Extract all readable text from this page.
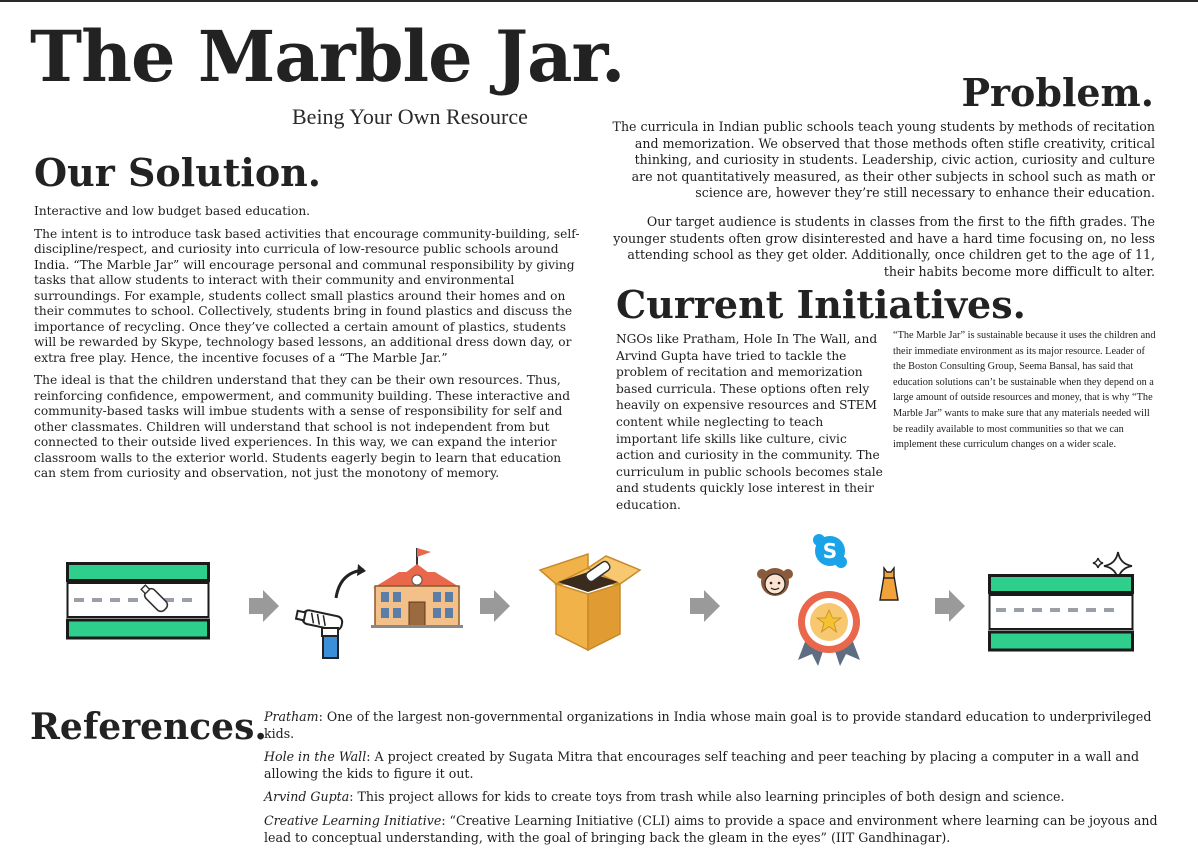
The Marble Jar.
Being Your Own Resource
Our Solution.

Interactive and low budget based education.

The intent is to introduce task based activities that encourage community-building, self- discipline/respect, and curiosity into curricula of low-resource public schools around India. “The Marble Jar” will encourage personal and communal responsibility by giving tasks that allow students to interact with their community and environmental surroundings. For example, students collect small plastics around their homes and on their commutes to school. Collectively, students bring in found plastics and discuss the importance of recycling. Once they’ve collected a certain amount of plastics, students will be rewarded by Skype, technology based lessons, an additional dress down day, or extra free play. Hence, the incentive focuses of a “The Marble Jar.”

The ideal is that the children understand that they can be their own resources. Thus, reinforcing confidence, empowerment, and community building. These interactive and community-based tasks will imbue students with a sense of responsibility for self and other classmates. Children will understand that school is not independent from but connected to their outside lived experiences. In this way, we can expand the interior classroom walls to the exterior world. Students eagerly begin to learn that education can stem from curiosity and observation, not just the monotony of memory.

Problem.

The curricula in Indian public schools teach young students by methods of recitation and memorization. We observed that those methods often stifle creativity, critical thinking, and curiosity in students. Leadership, civic action, curiosity and culture are not quantitatively measured, as their other subjects in school such as math or science are, however they’re still necessary to enhance their education.

Our target audience is students in classes from the first to the fifth grades. The younger students often grow disinterested and have a hard time focusing on, no less attending school as they get older. Additionally, once children get to the age of 11, their habits become more difficult to alter.

Current Initiatives.
NGOs like Pratham, Hole In The Wall, and Arvind Gupta have tried to tackle the problem of recitation and memorization based curricula. These options often rely heavily on expensive resources and STEM content while neglecting to teach important life skills like culture, civic action and curiosity in the community. The curriculum in public schools becomes stale and students quickly lose interest in their education.
“The Marble Jar” is sustainable because it uses the children and their immediate environment as its major resource. Leader of the Boston Consulting Group, Seema Bansal, has said that education solutions can’t be sustainable when they depend on a large amount of outside resources and money, that is why “The Marble Jar” wants to make sure that any materials needed will be readily available to most communities so that we can implement these curriculum changes on a wider scale.
S
References.

Pratham: One of the largest non-governmental organizations in India whose main goal is to provide standard education to underprivileged kids.

Hole in the Wall: A project created by Sugata Mitra that encourages self teaching and peer teaching by placing a computer in a wall and allowing the kids to figure it out.

Arvind Gupta: This project allows for kids to create toys from trash while also learning principles of both design and science.

Creative Learning Initiative: “Creative Learning Initiative (CLI) aims to provide a space and environment where learning can be joyous and lead to conceptual understanding, with the goal of bringing back the gleam in the eyes” (IIT Gandhinagar).
